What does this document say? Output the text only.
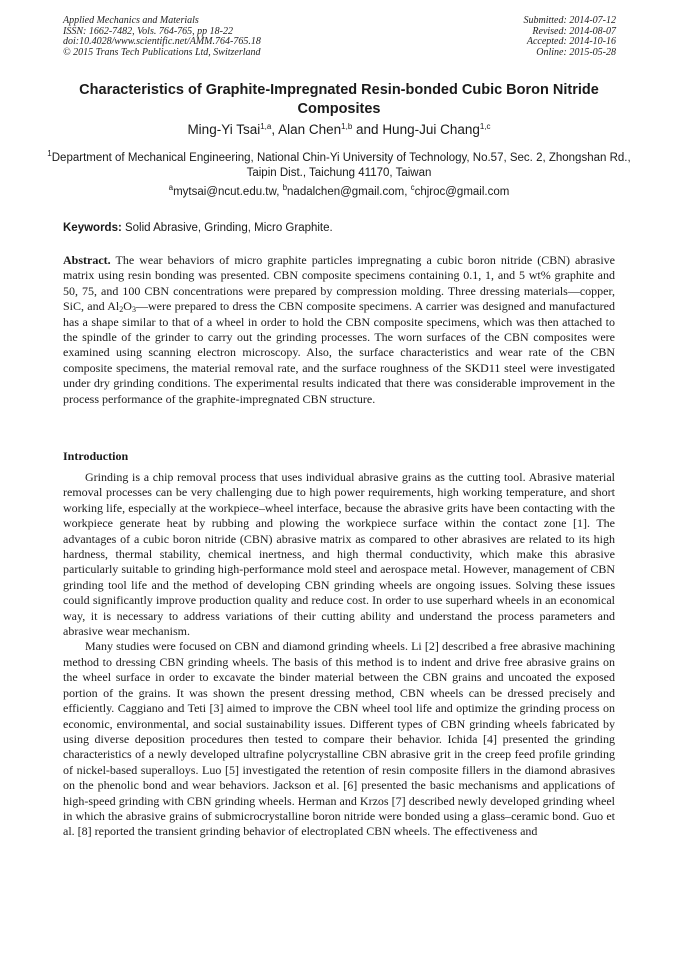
Applied Mechanics and Materials
ISSN: 1662-7482, Vols. 764-765, pp 18-22
doi:10.4028/www.scientific.net/AMM.764-765.18
© 2015 Trans Tech Publications Ltd, Switzerland
Submitted: 2014-07-12
Revised: 2014-08-07
Accepted: 2014-10-16
Online: 2015-05-28
Characteristics of Graphite-Impregnated Resin-bonded Cubic Boron Nitride Composites
Ming-Yi Tsai$^{1,a}$, Alan Chen$^{1,b}$ and Hung-Jui Chang$^{1,c}$
$^1$Department of Mechanical Engineering, National Chin-Yi University of Technology, No.57, Sec. 2, Zhongshan Rd., Taipin Dist., Taichung 41170, Taiwan
$^a$mytsai@ncut.edu.tw, $^b$nadalchen@gmail.com, $^c$chjroc@gmail.com
Keywords: Solid Abrasive, Grinding, Micro Graphite.

Abstract. The wear behaviors of micro graphite particles impregnating a cubic boron nitride (CBN) abrasive matrix using resin bonding was presented. CBN composite specimens containing 0.1, 1, and 5 wt% graphite and 50, 75, and 100 CBN concentrations were prepared by compression molding. Three dressing materials—copper, SiC, and $Al_2O_3—were$ prepared to dress the CBN composite specimens. A carrier was designed and manufactured has a shape similar to that of a wheel in order to hold the CBN composite specimens, which was then attached to the spindle of the grinder to carry out the grinding processes. The worn surfaces of the CBN composites were examined using scanning electron microscopy. Also, the surface characteristics and wear rate of the CBN composite specimens, the material removal rate, and the surface roughness of the SKD11 steel were investigated under dry grinding conditions. The experimental results indicated that there was considerable improvement in the process performance of the graphite-impregnated CBN structure.

Introduction

Grinding is a chip removal process that uses individual abrasive grains as the cutting tool. Abrasive material removal processes can be very challenging due to high power requirements, high working temperature, and short working life, especially at the workpiece–wheel interface, because the abrasive grits have been contacting with the workpiece generate heat by rubbing and plowing the workpiece surface within the contact zone [1]. The advantages of a cubic boron nitride (CBN) abrasive matrix as compared to other abrasives are related to its high hardness, thermal stability, chemical inertness, and high thermal conductivity, which make this abrasive particularly suitable to grinding high-performance mold steel and aerospace metal. However, management of CBN grinding tool life and the method of developing CBN grinding wheels are ongoing issues. Solving these issues could significantly improve production quality and reduce cost. In order to use superhard wheels in an economical way, it is necessary to address variations of their cutting ability and understand the process parameters and abrasive wear mechanism.

Many studies were focused on CBN and diamond grinding wheels. Li [2] described a free abrasive machining method to dressing CBN grinding wheels. The basis of this method is to indent and drive free abrasive grains on the wheel surface in order to excavate the binder material between the CBN grains and uncoated the exposed portion of the grains. It was shown the present dressing method, CBN wheels can be dressed precisely and efficiently. Caggiano and Teti [3] aimed to improve the CBN wheel tool life and optimize the grinding process on economic, environmental, and social sustainability issues. Different types of CBN grinding wheels fabricated by using diverse deposition procedures then tested to compare their behavior. Ichida [4] presented the grinding characteristics of a newly developed ultrafine polycrystalline CBN abrasive grit in the creep feed profile grinding of nickel-based superalloys. Luo [5] investigated the retention of resin composite fillers in the diamond abrasives on the phenolic bond and wear behaviors. Jackson et al. [6] presented the basic mechanisms and applications of high-speed grinding with CBN grinding wheels. Herman and Krzos [7] described newly developed grinding wheel in which the abrasive grains of submicrocrystalline boron nitride were bonded using a glass–ceramic bond. Guo et al. [8] reported the transient grinding behavior of electroplated CBN wheels. The effectiveness and
